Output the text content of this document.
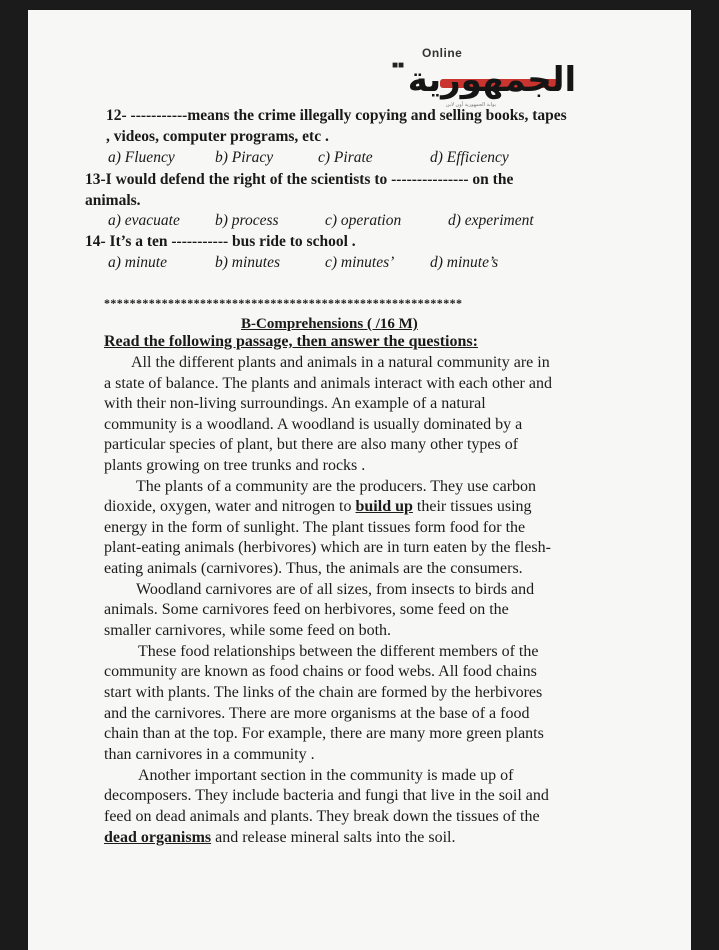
Online
■■ الجمهورية
بوابة الجمهورية أون لاين
12- -----------means the crime illegally copying and selling books, tapes
, videos, computer programs, etc .
a) Fluency	b) Piracy	c) Pirate	d) Efficiency
13-I would defend the right of the scientists to --------------- on the
animals.
a) evacuate b) process	c) operation	d) experiment
14- It’s a ten ----------- bus ride to school .
a) minute	b) minutes	c) minutes’ d) minute’s
********************************************************
B-Comprehensions ( /16 M)
Read the following passage, then answer the questions:
All the different plants and animals in a natural community are in
a state of balance. The plants and animals interact with each other and
with their non-living surroundings. An example of a natural
community is a woodland. A woodland is usually dominated by a
particular species of plant, but there are also many other types of
plants growing on tree trunks and rocks .
The plants of a community are the producers. They use carbon
dioxide, oxygen, water and nitrogen to build up their tissues using
energy in the form of sunlight. The plant tissues form food for the
plant-eating animals (herbivores) which are in turn eaten by the flesh-
eating animals (carnivores). Thus, the animals are the consumers.
Woodland carnivores are of all sizes, from insects to birds and
animals. Some carnivores feed on herbivores, some feed on the
smaller carnivores, while some feed on both.
These food relationships between the different members of the
community are known as food chains or food webs. All food chains
start with plants. The links of the chain are formed by the herbivores
and the carnivores. There are more organisms at the base of a food
chain than at the top. For example, there are many more green plants
than carnivores in a community .
Another important section in the community is made up of
decomposers. They include bacteria and fungi that live in the soil and
feed on dead animals and plants. They break down the tissues of the
dead organisms and release mineral salts into the soil.
